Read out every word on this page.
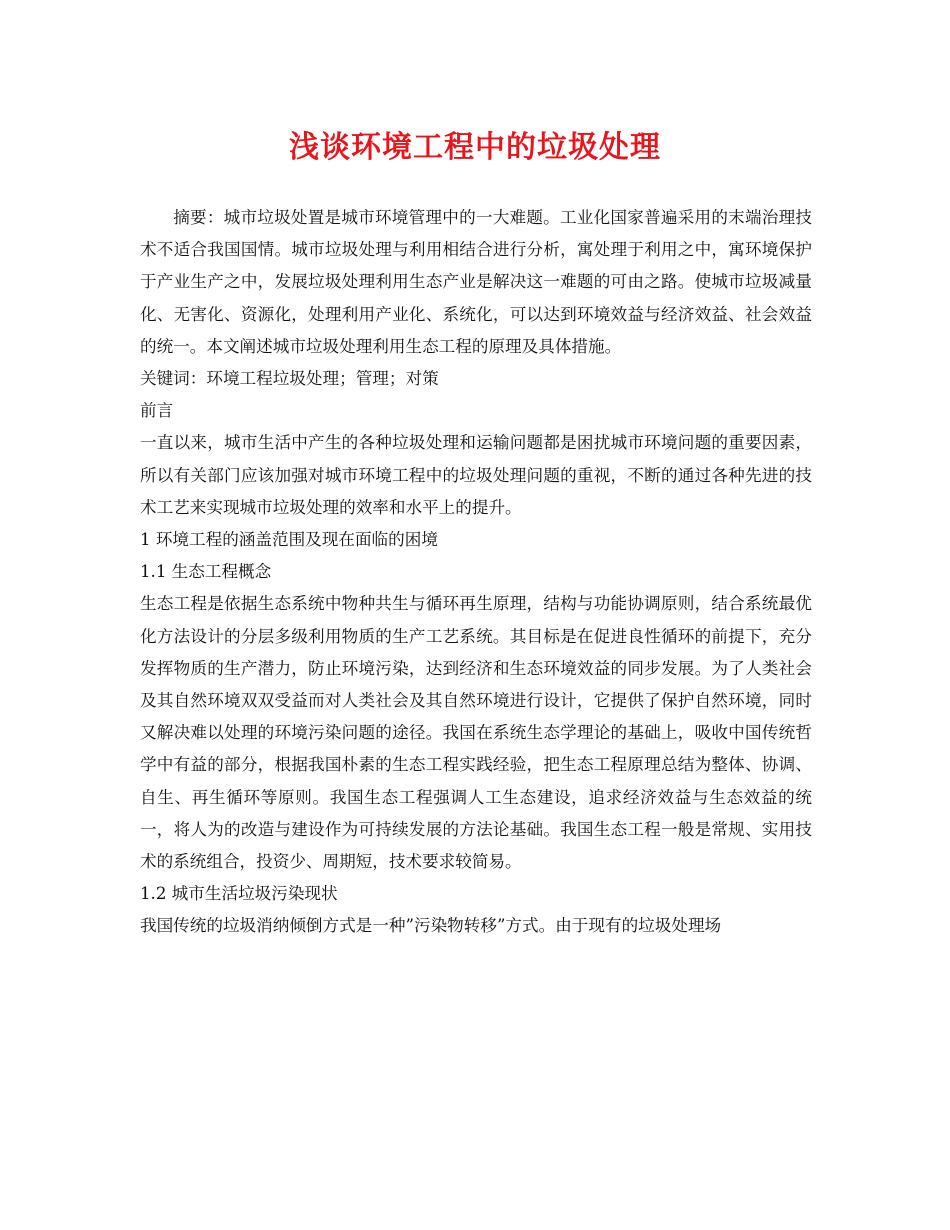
浅谈环境工程中的垃圾处理

摘要：城市垃圾处置是城市环境管理中的一大难题。工业化国家普遍采用的末端治理技术不适合我国国情。城市垃圾处理与利用相结合进行分析，寓处理于利用之中，寓环境保护于产业生产之中，发展垃圾处理利用生态产业是解决这一难题的可由之路。使城市垃圾减量化、无害化、资源化，处理利用产业化、系统化，可以达到环境效益与经济效益、社会效益的统一。本文阐述城市垃圾处理利用生态工程的原理及具体措施。

关键词：环境工程垃圾处理；管理；对策

前言

一直以来，城市生活中产生的各种垃圾处理和运输问题都是困扰城市环境问题的重要因素，所以有关部门应该加强对城市环境工程中的垃圾处理问题的重视，不断的通过各种先进的技术工艺来实现城市垃圾处理的效率和水平上的提升。

1 环境工程的涵盖范围及现在面临的困境

1.1 生态工程概念

生态工程是依据生态系统中物种共生与循环再生原理，结构与功能协调原则，结合系统最优化方法设计的分层多级利用物质的生产工艺系统。其目标是在促进良性循环的前提下，充分发挥物质的生产潜力，防止环境污染，达到经济和生态环境效益的同步发展。为了人类社会及其自然环境双双受益而对人类社会及其自然环境进行设计，它提供了保护自然环境，同时又解决难以处理的环境污染问题的途径。我国在系统生态学理论的基础上，吸收中国传统哲学中有益的部分，根据我国朴素的生态工程实践经验，把生态工程原理总结为整体、协调、自生、再生循环等原则。我国生态工程强调人工生态建设，追求经济效益与生态效益的统一，将人为的改造与建设作为可持续发展的方法论基础。我国生态工程一般是常规、实用技术的系统组合，投资少、周期短，技术要求较简易。

1.2 城市生活垃圾污染现状

我国传统的垃圾消纳倾倒方式是一种”污染物转移”方式。由于现有的垃圾处理场
